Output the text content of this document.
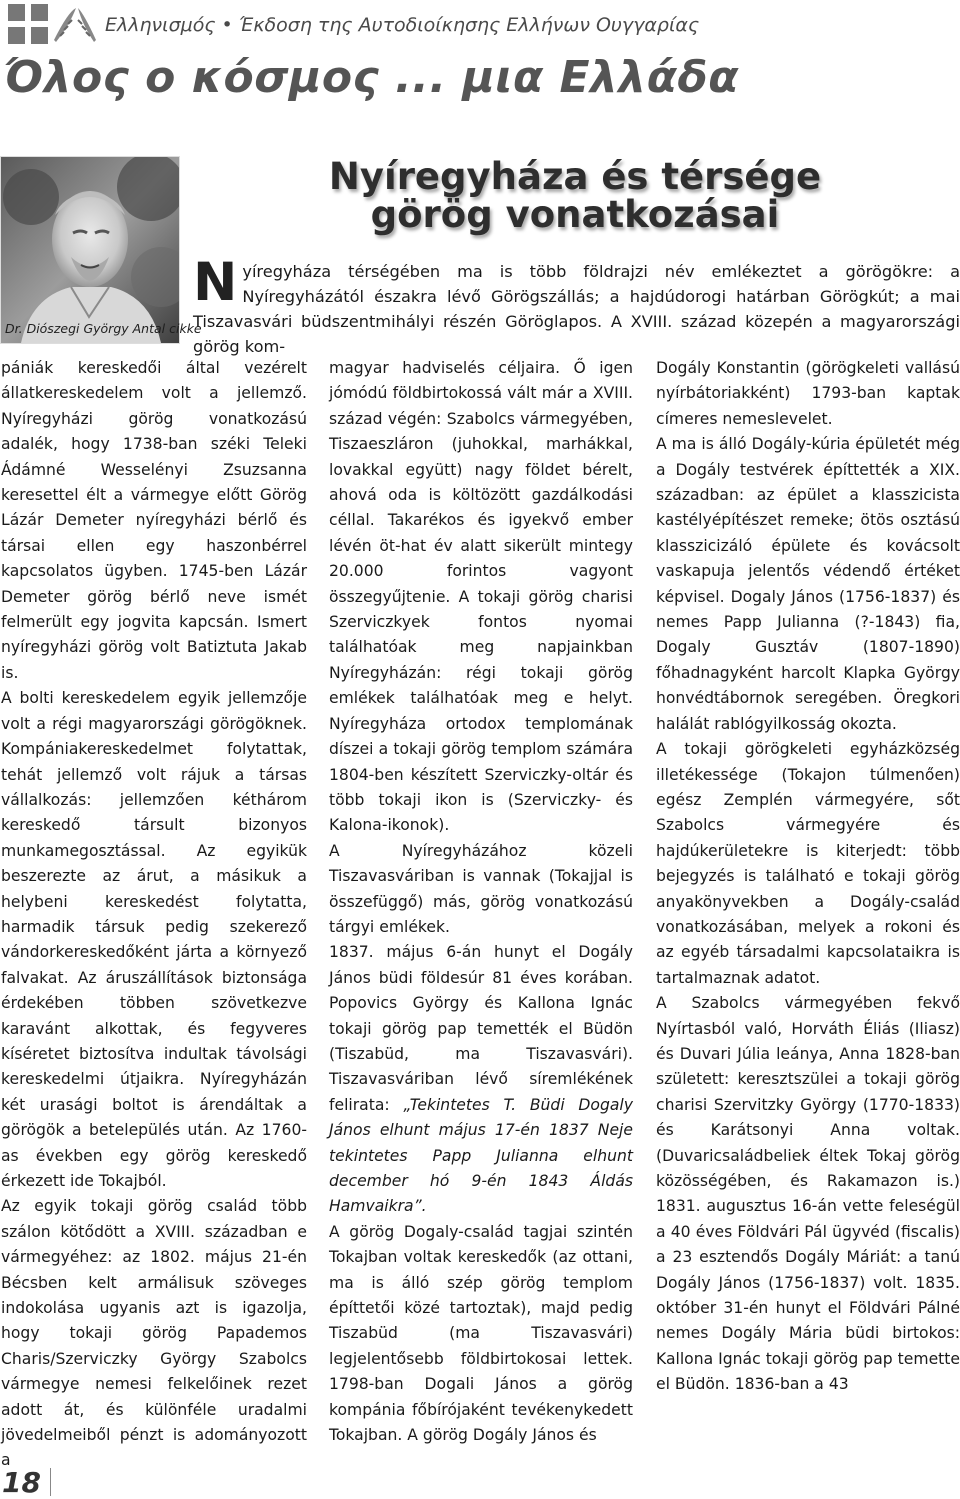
Ελληνισμός • Έκδοση της Αυτοδιοίκησης Ελλήνων Ουγγαρίας
Όλος ο κόσμος ... μια Ελλάδα
Dr. Diószegi György Antal cikke
Nyíregyháza és térsége
görög vonatkozásai
Nyíregyháza térségében ma is több földrajzi név emlékeztet a görögökre: a Nyíregyházától északra lévő Görögszállás; a hajdúdorogi határban Görögkút; a mai Tiszavasvári büdszentmihályi részén Göröglapos. A XVIII. század közepén a magyarországi görög kom-

pániák kereskedői által vezérelt állatkereskedelem volt a jellemző. Nyíregyházi görög vonatkozású adalék, hogy 1738-ban széki Teleki Ádámné Wesselényi Zsuzsanna keresettel élt a vármegye előtt Görög Lázár Demeter nyíregyházi bérlő és társai ellen egy haszonbérrel kapcsolatos ügyben. 1745-ben Lázár Demeter görög bérlő neve ismét felmerült egy jogvita kapcsán. Ismert nyíregyházi görög volt Batiztuta Jakab is.

A bolti kereskedelem egyik jellemzője volt a régi magyarországi görögöknek. Kompániakereskedelmet folytattak, tehát jellemző volt rájuk a társas vállalkozás: jellemzően kéthárom kereskedő társult bizonyos munkamegosztással. Az egyikük beszerezte az árut, a másikuk a helybeni kereskedést folytatta, harmadik társuk pedig szekerező vándorkereskedőként járta a környező falvakat. Az áruszállítások biztonsága érdekében többen szövetkezve karavánt alkottak, és fegyveres kíséretet biztosítva indultak távolsági kereskedelmi útjaikra. Nyíregyházán két urasági boltot is árendáltak a görögök a betelepülés után. Az 1760-as években egy görög kereskedő érkezett ide Tokajból.

Az egyik tokaji görög család több szálon kötődött a XVIII. században e vármegyéhez: az 1802. május 21-én Bécsben kelt armálisuk szöveges indokolása ugyanis azt is igazolja, hogy tokaji görög Papademos Charis/Szerviczky György Szabolcs vármegye nemesi felkelőinek rezet adott át, és különféle uradalmi jövedelmeiből pénzt is adományozott a

magyar hadviselés céljaira. Ő igen jómódú földbirtokossá vált már a XVIII. század végén: Szabolcs vármegyében, Tiszaeszláron (juhokkal, marhákkal, lovakkal együtt) nagy földet bérelt, ahová oda is költözött gazdálkodási céllal. Takarékos és igyekvő ember lévén öt-hat év alatt sikerült mintegy 20.000 forintos vagyont összegyűjtenie. A tokaji görög charisi Szerviczkyek fontos nyomai találhatóak meg napjainkban Nyíregyházán: régi tokaji görög emlékek találhatóak meg e helyt. Nyíregyháza ortodox templomának díszei a tokaji görög templom számára 1804-ben készített Szerviczky-oltár és több tokaji ikon is (Szerviczky- és Kalona-ikonok).

A Nyíregyházához közeli Tiszavasváriban is vannak (Tokajjal is összefüggő) más, görög vonatkozású tárgyi emlékek.

1837. május 6-án hunyt el Dogály János büdi földesúr 81 éves korában. Popovics György és Kallona Ignác tokaji görög pap temették el Büdön (Tiszabüd, ma Tiszavasvári). Tiszavasváriban lévő síremlékének felirata: „Tekintetes T. Büdi Dogaly János elhunt május 17-én 1837 Neje tekintetes Papp Julianna elhunt december hó 9-én 1843 Áldás Hamvaikra”.

A görög Dogaly-család tagjai szintén Tokajban voltak kereskedők (az ottani, ma is álló szép görög templom építtetői közé tartoztak), majd pedig Tiszabüd (ma Tiszavasvári) legjelentősebb földbirtokosai lettek. 1798-ban Dogali János a görög kompánia főbírójaként tevékenykedett Tokajban. A görög Dogály János és

Dogály Konstantin (görögkeleti vallású nyírbátoriakként) 1793-ban kaptak címeres nemeslevelet.

A ma is álló Dogály-kúria épületét még a Dogály testvérek építtették a XIX. században: az épület a klasszicista kastélyépítészet remeke; ötös osztású klasszicizáló épülete és kovácsolt vaskapuja jelentős védendő értéket képvisel. Dogaly János (1756-1837) és nemes Papp Julianna (?-1843) fia, Dogaly Gusztáv (1807-1890) főhadnagyként harcolt Klapka György honvédtábornok seregében. Öregkori halálát rablógyilkosság okozta.

A tokaji görögkeleti egyházközség illetékessége (Tokajon túlmenően) egész Zemplén vármegyére, sőt Szabolcs vármegyére és hajdúkerületekre is kiterjedt: több bejegyzés is található e tokaji görög anyakönyvekben a Dogály-család vonatkozásában, melyek a rokoni és az egyéb társadalmi kapcsolataikra is tartalmaznak adatot.

A Szabolcs vármegyében fekvő Nyírtasból való, Horváth Éliás (Iliasz) és Duvari Júlia leánya, Anna 1828-ban született: keresztszülei a tokaji görög charisi Szervitzky György (1770-1833) és Karátsonyi Anna voltak. (Duvaricsaládbeliek éltek Tokaj görög közösségében, és Rakamazon is.) 1831. augusztus 16-án vette feleségül a 40 éves Földvári Pál ügyvéd (fiscalis) a 23 esztendős Dogály Máriát: a tanú Dogály János (1756-1837) volt. 1835. október 31-én hunyt el Földvári Pálné nemes Dogály Mária büdi birtokos: Kallona Ignác tokaji görög pap temette el Büdön. 1836-ban a 43

18
